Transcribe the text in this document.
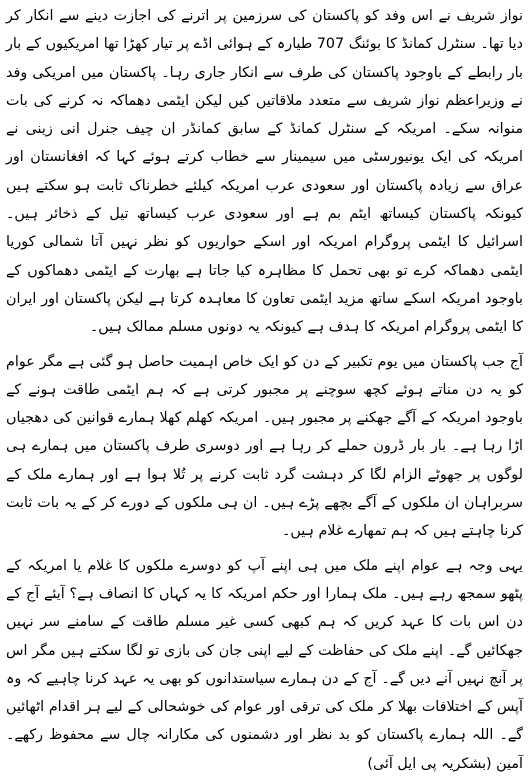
نواز شریف نے اس وفد کو پاکستان کی سرزمین پر اترنے کی اجازت دینے سے انکار کر دیا تھا۔ سنٹرل کمانڈ کا بوئنگ 707 طیارہ کے ہوائی اڈے پر تیار کھڑا تھا امریکیوں کے بار بار رابطے کے باوجود پاکستان کی طرف سے انکار جاری رہا۔ پاکستان میں امریکی وفد نے وزیراعظم نواز شریف سے متعدد ملاقاتیں کیں لیکن ایٹمی دھماکہ نہ کرنے کی بات منوانہ سکے۔ امریکہ کے سنٹرل کمانڈ کے سابق کمانڈر ان چیف جنرل انی زینی نے امریکہ کی ایک یونیورسٹی میں سیمینار سے خطاب کرتے ہوئے کہا کہ افغانستان اور عراق سے زیادہ پاکستان اور سعودی عرب امریکہ کیلئے خطرناک ثابت ہو سکتے ہیں کیونکہ پاکستان کیساتھ ایٹم بم ہے اور سعودی عرب کیساتھ تیل کے ذخائر ہیں۔ اسرائیل کا ایٹمی پروگرام امریکہ اور اسکے حواریوں کو نظر نہیں آتا شمالی کوریا ایٹمی دھماکہ کرے تو بھی تحمل کا مظاہرہ کیا جاتا ہے بھارت کے ایٹمی دھماکوں کے باوجود امریکہ اسکے ساتھ مزید ایٹمی تعاون کا معاہدہ کرتا ہے لیکن پاکستان اور ایران کا ایٹمی پروگرام امریکہ کا ہدف ہے کیونکہ یہ دونوں مسلم ممالک ہیں۔

آج جب پاکستان میں یوم تکبیر کے دن کو ایک خاص اہمیت حاصل ہو گئی ہے مگر عوام کو یہ دن مناتے ہوئے کچھ سوچنے پر مجبور کرتی ہے کہ ہم ایٹمی طاقت ہونے کے باوجود امریکہ کے آگے جھکنے پر مجبور ہیں۔ امریکہ کھلم کھلا ہمارے قوانین کی دھجیاں اڑا رہا ہے۔ بار بار ڈرون حملے کر رہا ہے اور دوسری طرف پاکستان میں ہمارے ہی لوگوں پر جھوٹے الزام لگا کر دہشت گرد ثابت کرنے پر تُلا ہوا ہے اور ہمارے ملک کے سربراہان ان ملکوں کے آگے بچھے پڑے ہیں۔ ان ہی ملکوں کے دورے کر کے یہ بات ثابت کرنا چاہتے ہیں کہ ہم تمھارے غلام ہیں۔

یہی وجہ ہے عوام اپنے ملک میں ہی اپنے آپ کو دوسرے ملکوں کا غلام یا امریکہ کے پٹھو سمجھ رہے ہیں۔ ملک ہمارا اور حکم امریکہ کا یہ کہاں کا انصاف ہے؟ آیئے آج کے دن اس بات کا عہد کریں کہ ہم کبھی کسی غیر مسلم طاقت کے سامنے سر نہیں جھکائیں گے۔ اپنے ملک کی حفاظت کے لیے اپنی جان کی بازی تو لگا سکتے ہیں مگر اس پر آنچ نہیں آنے دیں گے۔ آج کے دن ہمارے سیاستدانوں کو بھی یہ عہد کرنا چاہیے کہ وہ آپس کے اختلافات بھلا کر ملک کی ترقی اور عوام کی خوشحالی کے لیے ہر اقدام اٹھائیں گے۔ اللہ ہمارے پاکستان کو بد نظر اور دشمنوں کی مکارانہ چال سے محفوظ رکھے۔ آمین (بشکریہ پی ایل آئی)
